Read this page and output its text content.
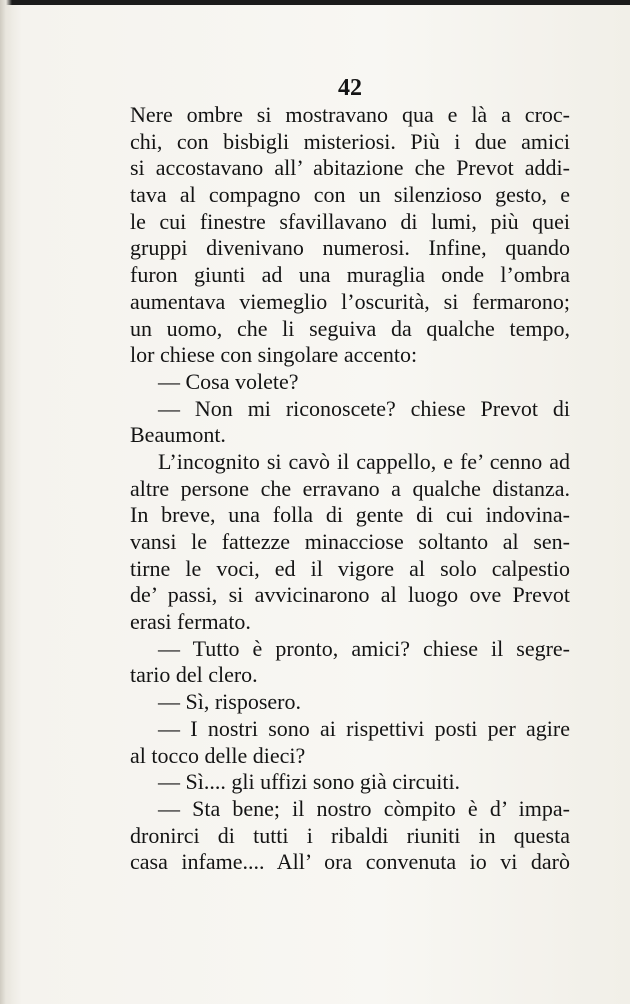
42
Nere ombre si mostravano qua e là a croc-
chi, con bisbigli misteriosi. Più i due amici
si accostavano all’ abitazione che Prevot addi-
tava al compagno con un silenzioso gesto, e
le cui finestre sfavillavano di lumi, più quei
gruppi divenivano numerosi. Infine, quando
furon giunti ad una muraglia onde l’ombra
aumentava viemeglio l’oscurità, si fermarono;
un uomo, che li seguiva da qualche tempo,
lor chiese con singolare accento:
— Cosa volete?
— Non mi riconoscete? chiese Prevot di
Beaumont.
L’incognito si cavò il cappello, e fe’ cenno ad
altre persone che erravano a qualche distanza.
In breve, una folla di gente di cui indovina-
vansi le fattezze minacciose soltanto al sen-
tirne le voci, ed il vigore al solo calpestio
de’ passi, si avvicinarono al luogo ove Prevot
erasi fermato.
— Tutto è pronto, amici? chiese il segre-
tario del clero.
— Sì, risposero.
— I nostri sono ai rispettivi posti per agire
al tocco delle dieci?
— Sì.... gli uffizi sono già circuiti.
— Sta bene; il nostro còmpito è d’ impa-
dronirci di tutti i ribaldi riuniti in questa
casa infame.... All’ ora convenuta io vi darò
